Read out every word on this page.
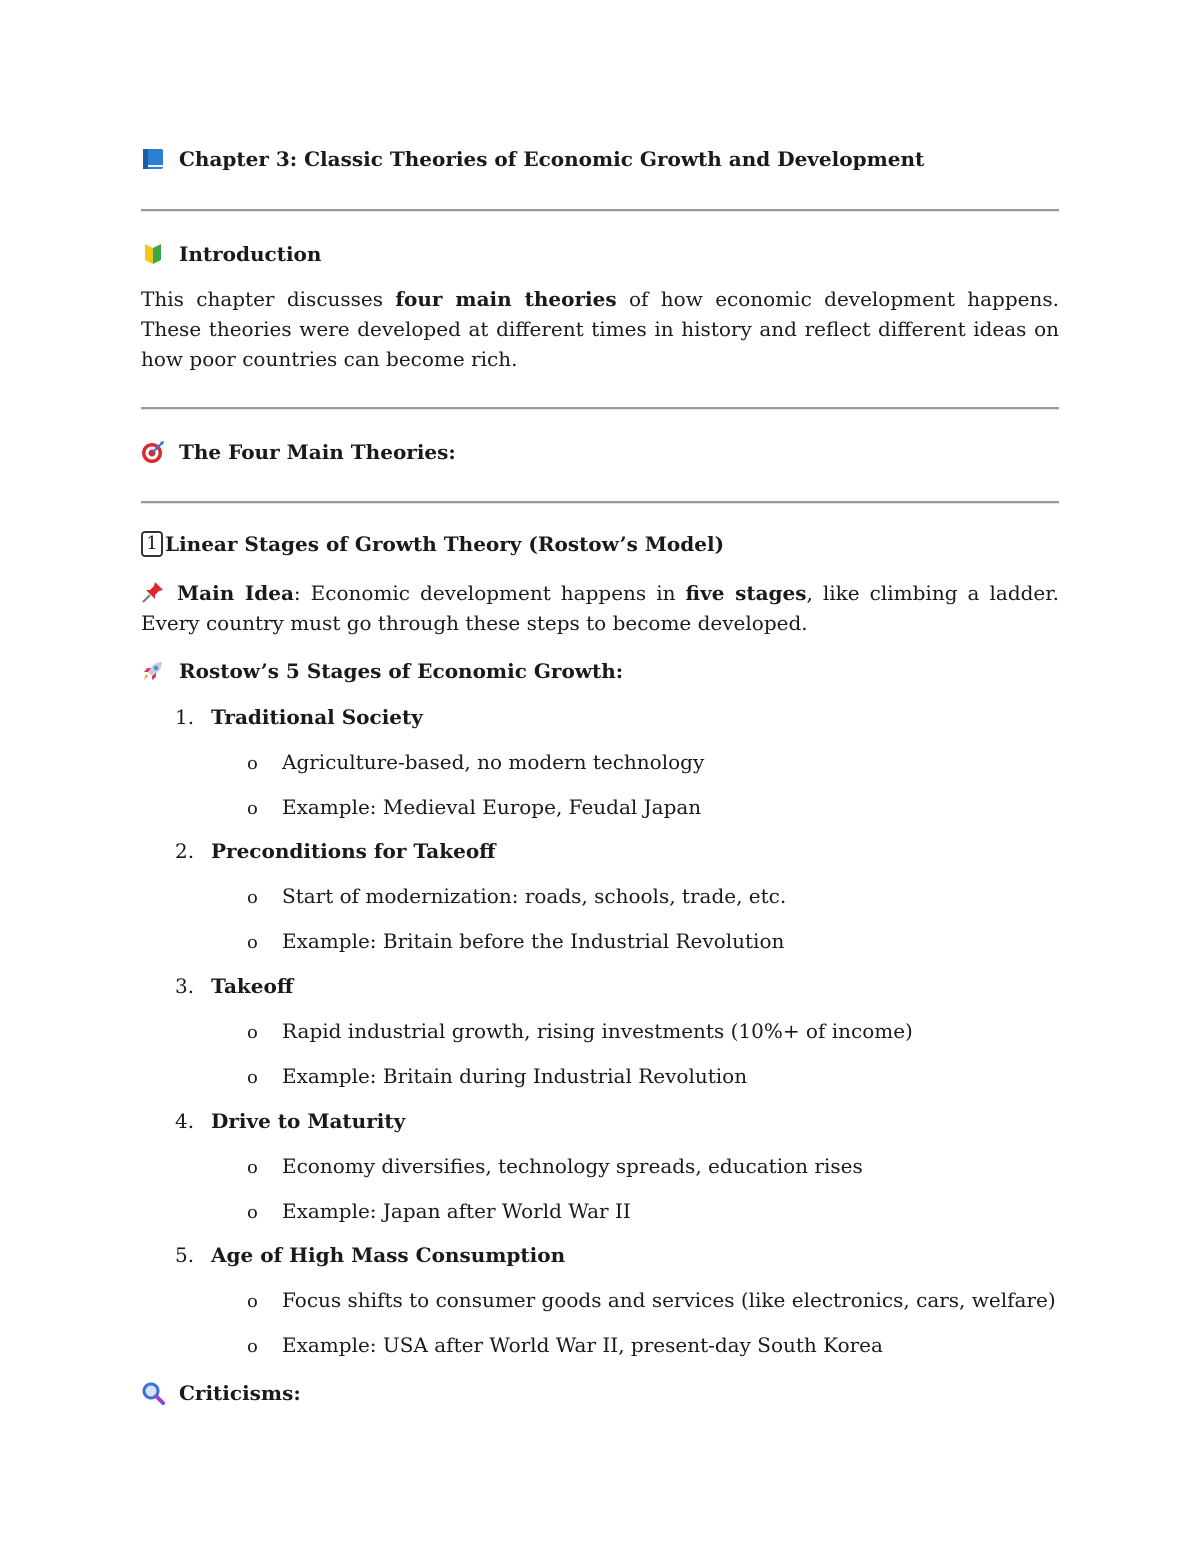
Chapter 3: Classic Theories of Economic Growth and Development
Introduction
This chapter discusses four main theories of how economic development happens. These theories were developed at different times in history and reflect different ideas on how poor countries can become rich.
The Four Main Theories:
1 Linear Stages of Growth Theory (Rostow’s Model)
Main Idea: Economic development happens in five stages, like climbing a ladder. Every country must go through these steps to become developed.
Rostow’s 5 Stages of Economic Growth:
1. Traditional Society
o Agriculture-based, no modern technology
o Example: Medieval Europe, Feudal Japan
2. Preconditions for Takeoff
o Start of modernization: roads, schools, trade, etc.
o Example: Britain before the Industrial Revolution
3. Takeoff
o Rapid industrial growth, rising investments (10%+ of income)
o Example: Britain during Industrial Revolution
4. Drive to Maturity
o Economy diversifies, technology spreads, education rises
o Example: Japan after World War II
5. Age of High Mass Consumption
o Focus shifts to consumer goods and services (like electronics, cars, welfare)
o Example: USA after World War II, present-day South Korea
Criticisms:
